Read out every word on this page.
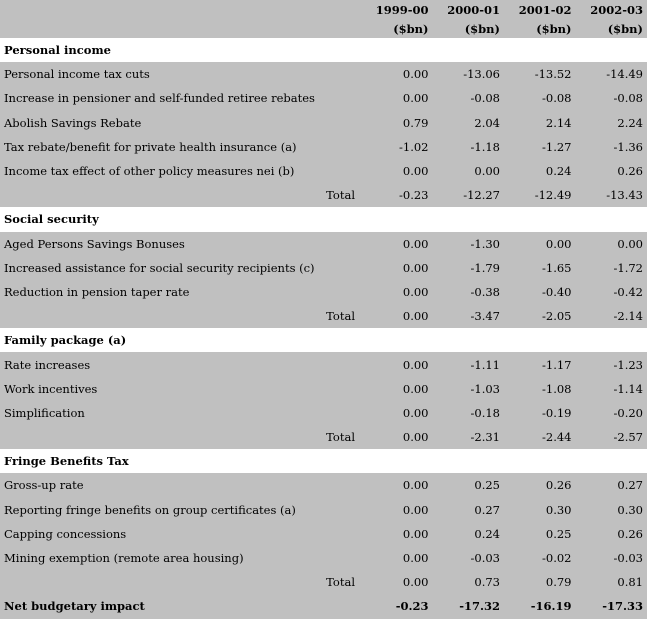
	1999-00	2000-01	2001-02	2002-03
	($bn)	($bn)	($bn)	($bn)
Personal income				
Personal income tax cuts	0.00	-13.06	-13.52	-14.49
Increase in pensioner and self-funded retiree rebates	0.00	-0.08	-0.08	-0.08
Abolish Savings Rebate	0.79	2.04	2.14	2.24
Tax rebate/benefit for private health insurance (a)	-1.02	-1.18	-1.27	-1.36
Income tax effect of other policy measures nei (b)	0.00	0.00	0.24	0.26
Total	-0.23	-12.27	-12.49	-13.43
Social security				
Aged Persons Savings Bonuses	0.00	-1.30	0.00	0.00
Increased assistance for social security recipients (c)	0.00	-1.79	-1.65	-1.72
Reduction in pension taper rate	0.00	-0.38	-0.40	-0.42
Total	0.00	-3.47	-2.05	-2.14
Family package (a)				
Rate increases	0.00	-1.11	-1.17	-1.23
Work incentives	0.00	-1.03	-1.08	-1.14
Simplification	0.00	-0.18	-0.19	-0.20
Total	0.00	-2.31	-2.44	-2.57
Fringe Benefits Tax				
Gross-up rate	0.00	0.25	0.26	0.27
Reporting fringe benefits on group certificates (a)	0.00	0.27	0.30	0.30
Capping concessions	0.00	0.24	0.25	0.26
Mining exemption (remote area housing)	0.00	-0.03	-0.02	-0.03
Total	0.00	0.73	0.79	0.81
Net budgetary impact	-0.23	-17.32	-16.19	-17.33
